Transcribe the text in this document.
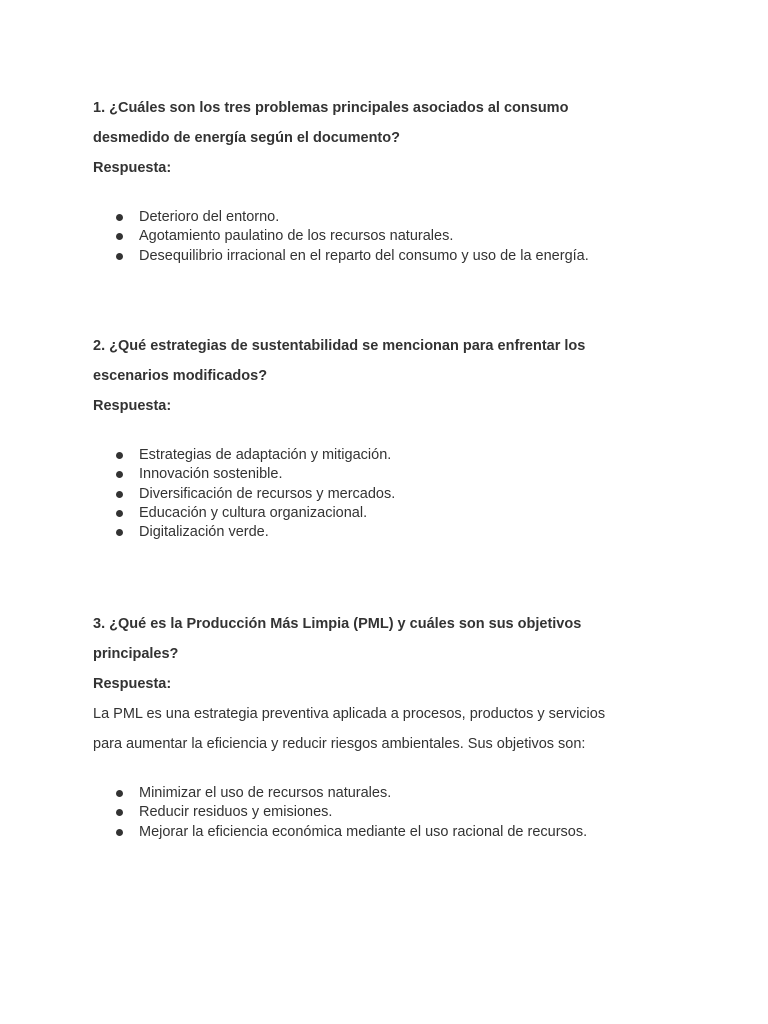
1. ¿Cuáles son los tres problemas principales asociados al consumo
desmedido de energía según el documento?

Respuesta:

Deterioro del entorno.
Agotamiento paulatino de los recursos naturales.
Desequilibrio irracional en el reparto del consumo y uso de la energía.

2. ¿Qué estrategias de sustentabilidad se mencionan para enfrentar los
escenarios modificados?

Respuesta:

Estrategias de adaptación y mitigación.
Innovación sostenible.
Diversificación de recursos y mercados.
Educación y cultura organizacional.
Digitalización verde.

3. ¿Qué es la Producción Más Limpia (PML) y cuáles son sus objetivos
principales?

Respuesta:

La PML es una estrategia preventiva aplicada a procesos, productos y servicios
para aumentar la eficiencia y reducir riesgos ambientales. Sus objetivos son:

Minimizar el uso de recursos naturales.
Reducir residuos y emisiones.
Mejorar la eficiencia económica mediante el uso racional de recursos.
